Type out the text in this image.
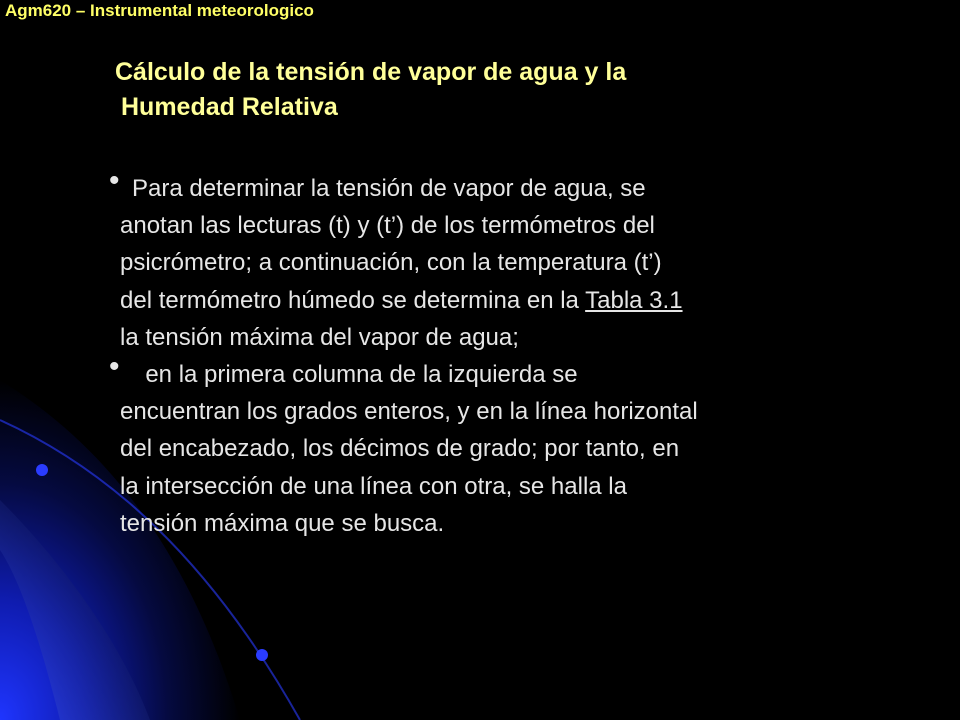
Agm620 – Instrumental meteorologico
Cálculo de la tensión de vapor de agua y la
Humedad Relativa
• Para determinar la tensión de vapor de agua, se
anotan las lecturas (t) y (t’) de los termómetros del
psicrómetro; a continuación, con la temperatura (t’)
del termómetro húmedo se determina en la Tabla 3.1
la tensión máxima del vapor de agua;
• en la primera columna de la izquierda se
encuentran los grados enteros, y en la línea horizontal
del encabezado, los décimos de grado; por tanto, en
la intersección de una línea con otra, se halla la
tensión máxima que se busca.
